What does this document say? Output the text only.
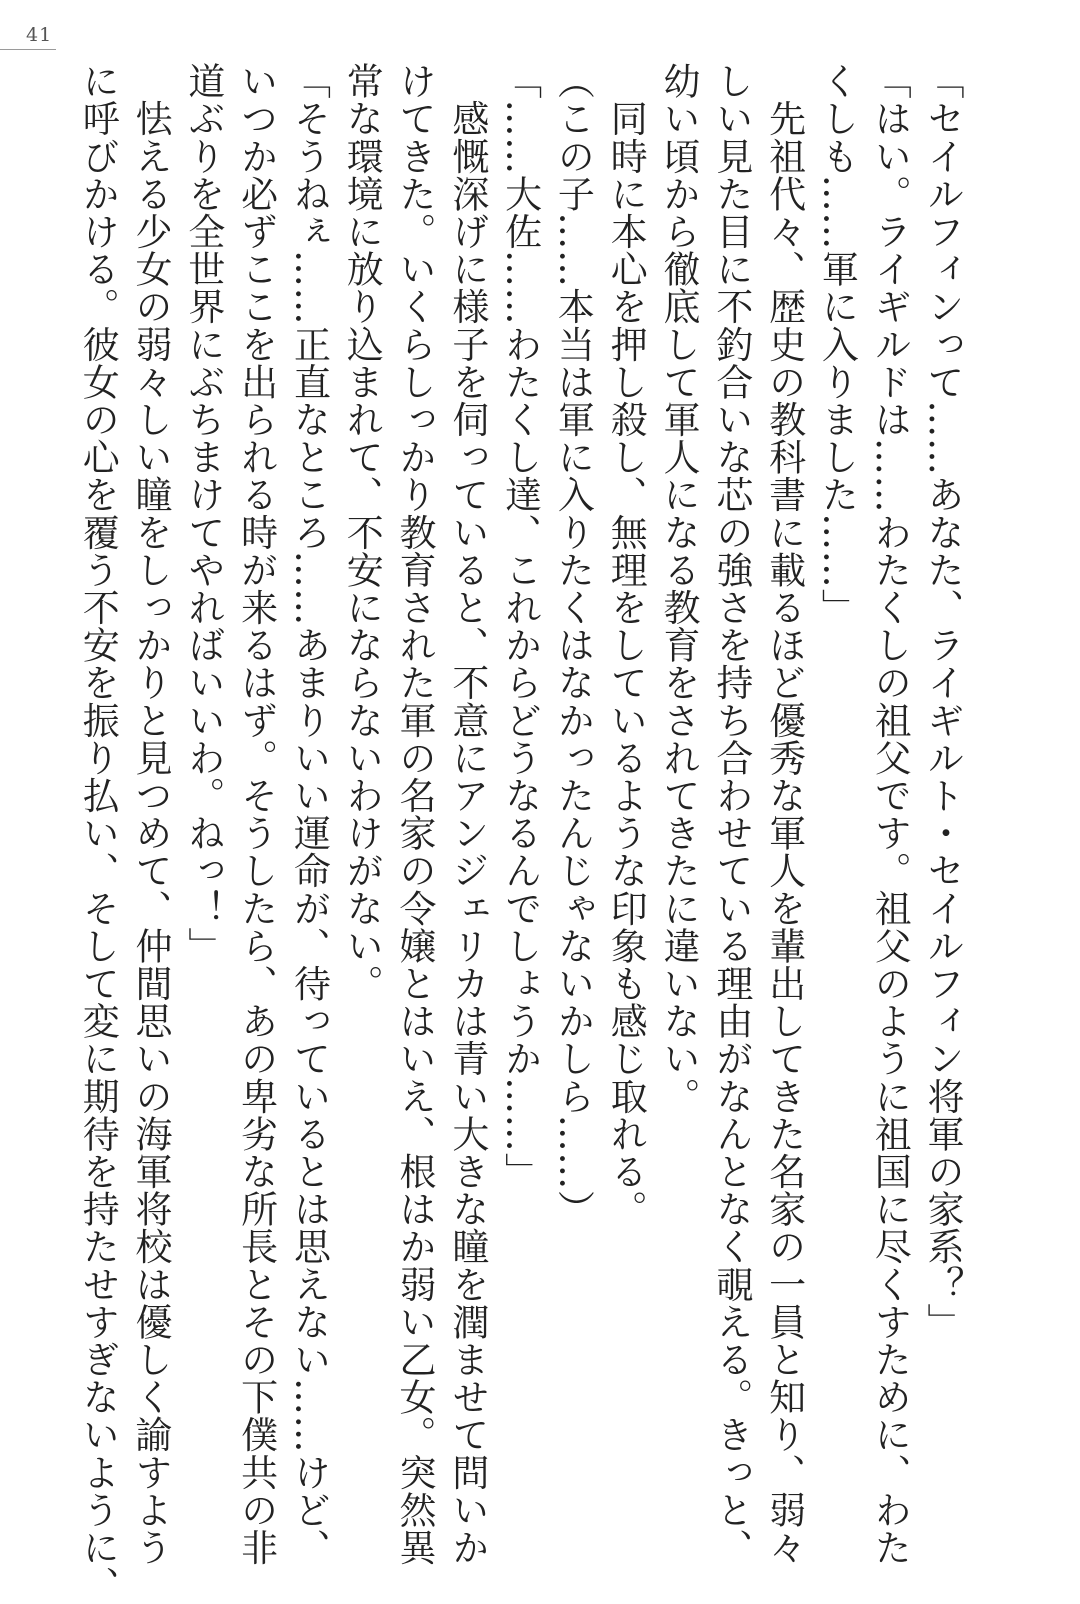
41
「セイルフィンって……あなた、ライギルト・セイルフィン将軍の家系？」
「はい。ライギルドは……わたくしの祖父です。祖父のように祖国に尽くすために、わた
くしも……軍に入りました……」
　先祖代々、歴史の教科書に載るほど優秀な軍人を輩出してきた名家の一員と知り、弱々
しい見た目に不釣合いな芯の強さを持ち合わせている理由がなんとなく覗える。きっと、
幼い頃から徹底して軍人になる教育をされてきたに違いない。
　同時に本心を押し殺し、無理をしているような印象も感じ取れる。
（この子……本当は軍に入りたくはなかったんじゃないかしら……）
「……大佐……わたくし達、これからどうなるんでしょうか……」
　感慨深げに様子を伺っていると、不意にアンジェリカは青い大きな瞳を潤ませて問いか
けてきた。いくらしっかり教育された軍の名家の令嬢とはいえ、根はか弱い乙女。突然異
常な環境に放り込まれて、不安にならないわけがない。
「そうねぇ……正直なところ……あまりいい運命が、待っているとは思えない……けど、
いつか必ずここを出られる時が来るはず。そうしたら、あの卑劣な所長とその下僕共の非
道ぶりを全世界にぶちまけてやればいいわ。ねっ！」
　怯える少女の弱々しい瞳をしっかりと見つめて、仲間思いの海軍将校は優しく諭すよう
に呼びかける。彼女の心を覆う不安を振り払い、そして変に期待を持たせすぎないように、
